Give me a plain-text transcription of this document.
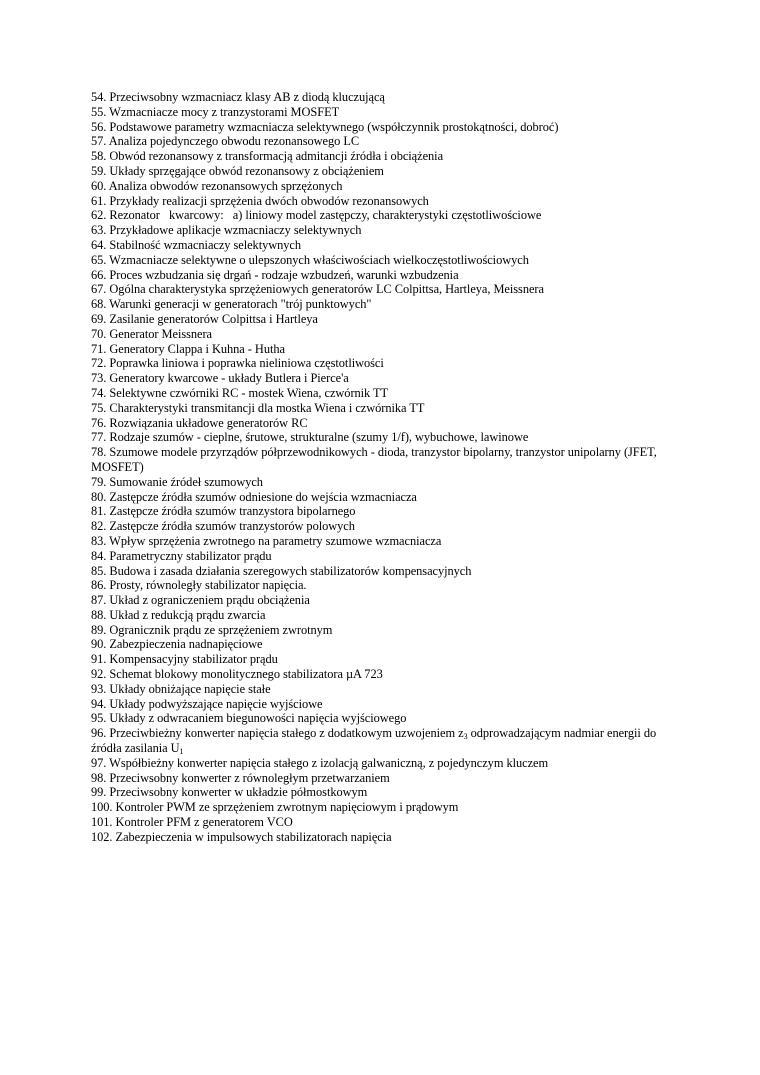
54. Przeciwsobny wzmacniacz klasy AB z diodą kluczującą
55. Wzmacniacze mocy z tranzystorami MOSFET
56. Podstawowe parametry wzmacniacza selektywnego (współczynnik prostokątności, dobroć)
57. Analiza pojedynczego obwodu rezonansowego LC
58. Obwód rezonansowy z transformacją admitancji źródła i obciążenia
59. Układy sprzęgające obwód rezonansowy z obciążeniem
60. Analiza obwodów rezonansowych sprzężonych
61. Przykłady realizacji sprzężenia dwóch obwodów rezonansowych
62. Rezonator   kwarcowy:   a) liniowy model zastępczy, charakterystyki częstotliwościowe
63. Przykładowe aplikacje wzmacniaczy selektywnych
64. Stabilność wzmacniaczy selektywnych
65. Wzmacniacze selektywne o ulepszonych właściwościach wielkoczęstotliwościowych
66. Proces wzbudzania się drgań - rodzaje wzbudzeń, warunki wzbudzenia
67. Ogólna charakterystyka sprzężeniowych generatorów LC Colpittsa, Hartleya, Meissnera
68. Warunki generacji w generatorach "trój punktowych"
69. Zasilanie generatorów Colpittsa i Hartleya
70. Generator Meissnera
71. Generatory Clappa i Kuhna - Hutha
72. Poprawka liniowa i poprawka nieliniowa częstotliwości
73. Generatory kwarcowe - układy Butlera i Pierce'a
74. Selektywne czwórniki RC - mostek Wiena, czwórnik TT
75. Charakterystyki transmitancji dla mostka Wiena i czwórnika TT
76. Rozwiązania układowe generatorów RC
77. Rodzaje szumów - cieplne, śrutowe, strukturalne (szumy 1/f), wybuchowe, lawinowe
78. Szumowe modele przyrządów półprzewodnikowych - dioda, tranzystor bipolarny, tranzystor unipolarny (JFET, MOSFET)
79. Sumowanie źródeł szumowych
80. Zastępcze źródła szumów odniesione do wejścia wzmacniacza
81. Zastępcze źródła szumów tranzystora bipolarnego
82. Zastępcze źródła szumów tranzystorów polowych
83. Wpływ sprzężenia zwrotnego na parametry szumowe wzmacniacza
84. Parametryczny stabilizator prądu
85. Budowa i zasada działania szeregowych stabilizatorów kompensacyjnych
86. Prosty, równoległy stabilizator napięcia.
87. Układ z ograniczeniem prądu obciążenia
88. Układ z redukcją prądu zwarcia
89. Ogranicznik prądu ze sprzężeniem zwrotnym
90. Zabezpieczenia nadnapięciowe
91. Kompensacyjny stabilizator prądu
92. Schemat blokowy monolitycznego stabilizatora µA 723
93. Układy obniżające napięcie stałe
94. Układy podwyższające napięcie wyjściowe
95. Układy z odwracaniem biegunowości napięcia wyjściowego
96. Przeciwbieżny konwerter napięcia stałego z dodatkowym uzwojeniem $z_3$ odprowadzającym nadmiar energii do źródła zasilania $U_1$
97. Współbieżny konwerter napięcia stałego z izolacją galwaniczną, z pojedynczym kluczem
98. Przeciwsobny konwerter z równoległym przetwarzaniem
99. Przeciwsobny konwerter w układzie półmostkowym
100. Kontroler PWM ze sprzężeniem zwrotnym napięciowym i prądowym
101. Kontroler PFM z generatorem VCO
102. Zabezpieczenia w impulsowych stabilizatorach napięcia
